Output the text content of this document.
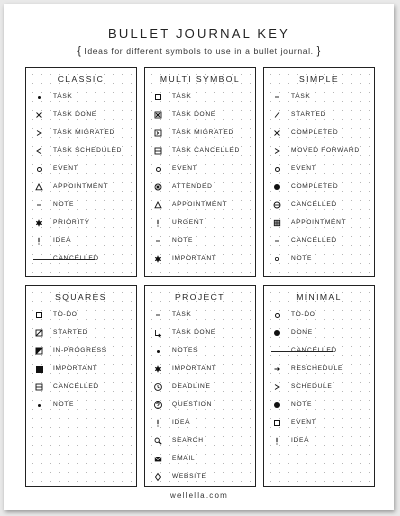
BULLET JOURNAL KEY
{ Ideas for different symbols to use in a bullet journal. }
CLASSIC
TASK
TASK DONE
TASK MIGRATED
TASK SCHEDULED
EVENT
APPOINTMENT
NOTE
PRIORITY
IDEA
CANCELLED
MULTI SYMBOL
TASK
TASK DONE
TASK MIGRATED
TASK CANCELLED
EVENT
ATTENDED
APPOINTMENT
URGENT
NOTE
IMPORTANT
SIMPLE
TASK
STARTED
COMPLETED
MOVED FORWARD
EVENT
COMPLETED
CANCELLED
APPOINTMENT
CANCELLED
NOTE
SQUARES
TO-DO
STARTED
IN-PROGRESS
IMPORTANT
CANCELLED
NOTE
PROJECT
TASK
TASK DONE
NOTES
IMPORTANT
DEADLINE
QUESTION
IDEA
SEARCH
EMAIL
WEBSITE
MINIMAL
TO-DO
DONE
CANCELLED
RESCHEDULE
SCHEDULE
NOTE
EVENT
IDEA
wellella.com
